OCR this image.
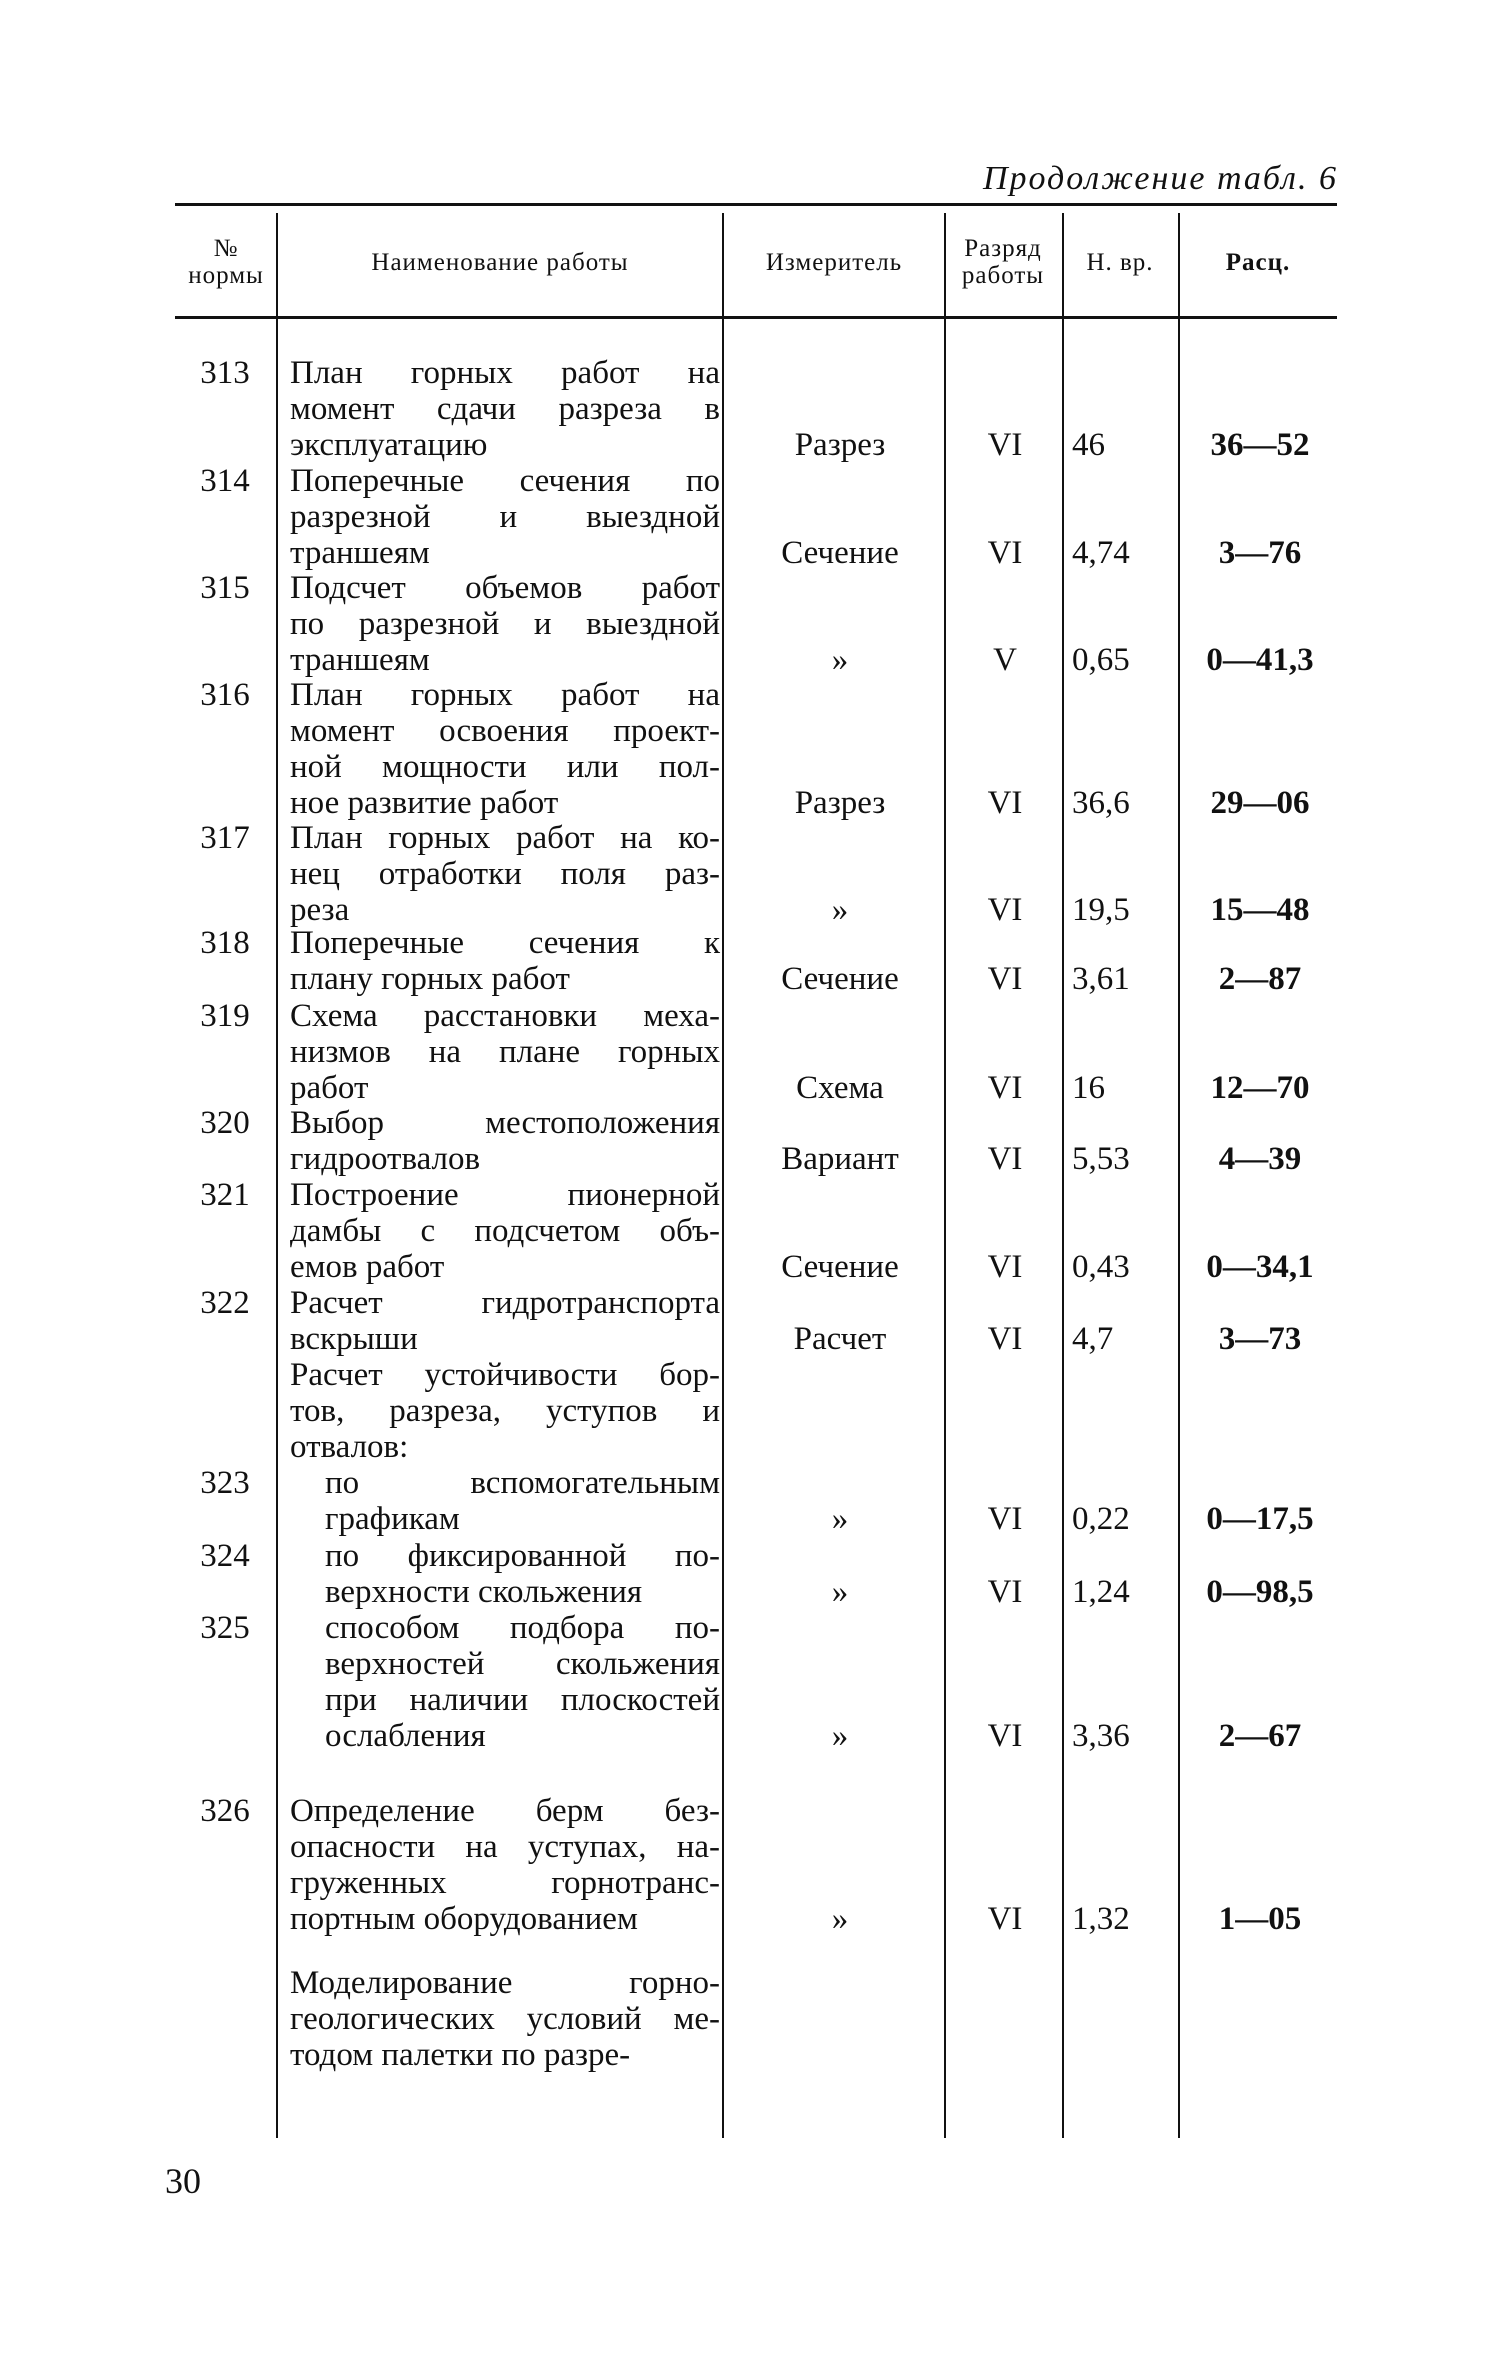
Продолжение табл. 6
№ нормы	Наименование работы	Измеритель	Разряд работы	Н. вр.	Расц.
313	План горных работ на
момент сдачи разреза в
эксплуатацию	Разрез	VI	46	36—52
314	Поперечные сечения по
разрезной и выездной
траншеям	Сечение	VI	4,74	3—76
315	Подсчет объемов работ
по разрезной и выездной
траншеям	»	V	0,65	0—41,3
316	План горных работ на
момент освоения проект-
ной мощности или пол-
ное развитие работ	Разрез	VI	36,6	29—06
317	План горных работ на ко-
нец отработки поля раз-
реза	»	VI	19,5	15—48
318	Поперечные сечения к
плану горных работ	Сечение	VI	3,61	2—87
319	Схема расстановки меха-
низмов на плане горных
работ	Схема	VI	16	12—70
320	Выбор местоположения
гидроотвалов	Вариант	VI	5,53	4—39
321	Построение пионерной
дамбы с подсчетом объ-
емов работ	Сечение	VI	0,43	0—34,1
322	Расчет гидротранспорта
вскрыши	Расчет	VI	4,7	3—73
Расчет устойчивости бор-
тов, разреза, уступов и
отвалов:
323	по вспомогательным
графикам	»	VI	0,22	0—17,5
324	по фиксированной по-
верхности скольжения	»	VI	1,24	0—98,5
325	способом подбора по-
верхностей скольжения
при наличии плоскостей
ослабления	»	VI	3,36	2—67
326	Определение берм без-
опасности на уступах, на-
груженных горнотранс-
портным оборудованием	»	VI	1,32	1—05
Моделирование горно-
геологических условий ме-
тодом палетки по разре-
30
